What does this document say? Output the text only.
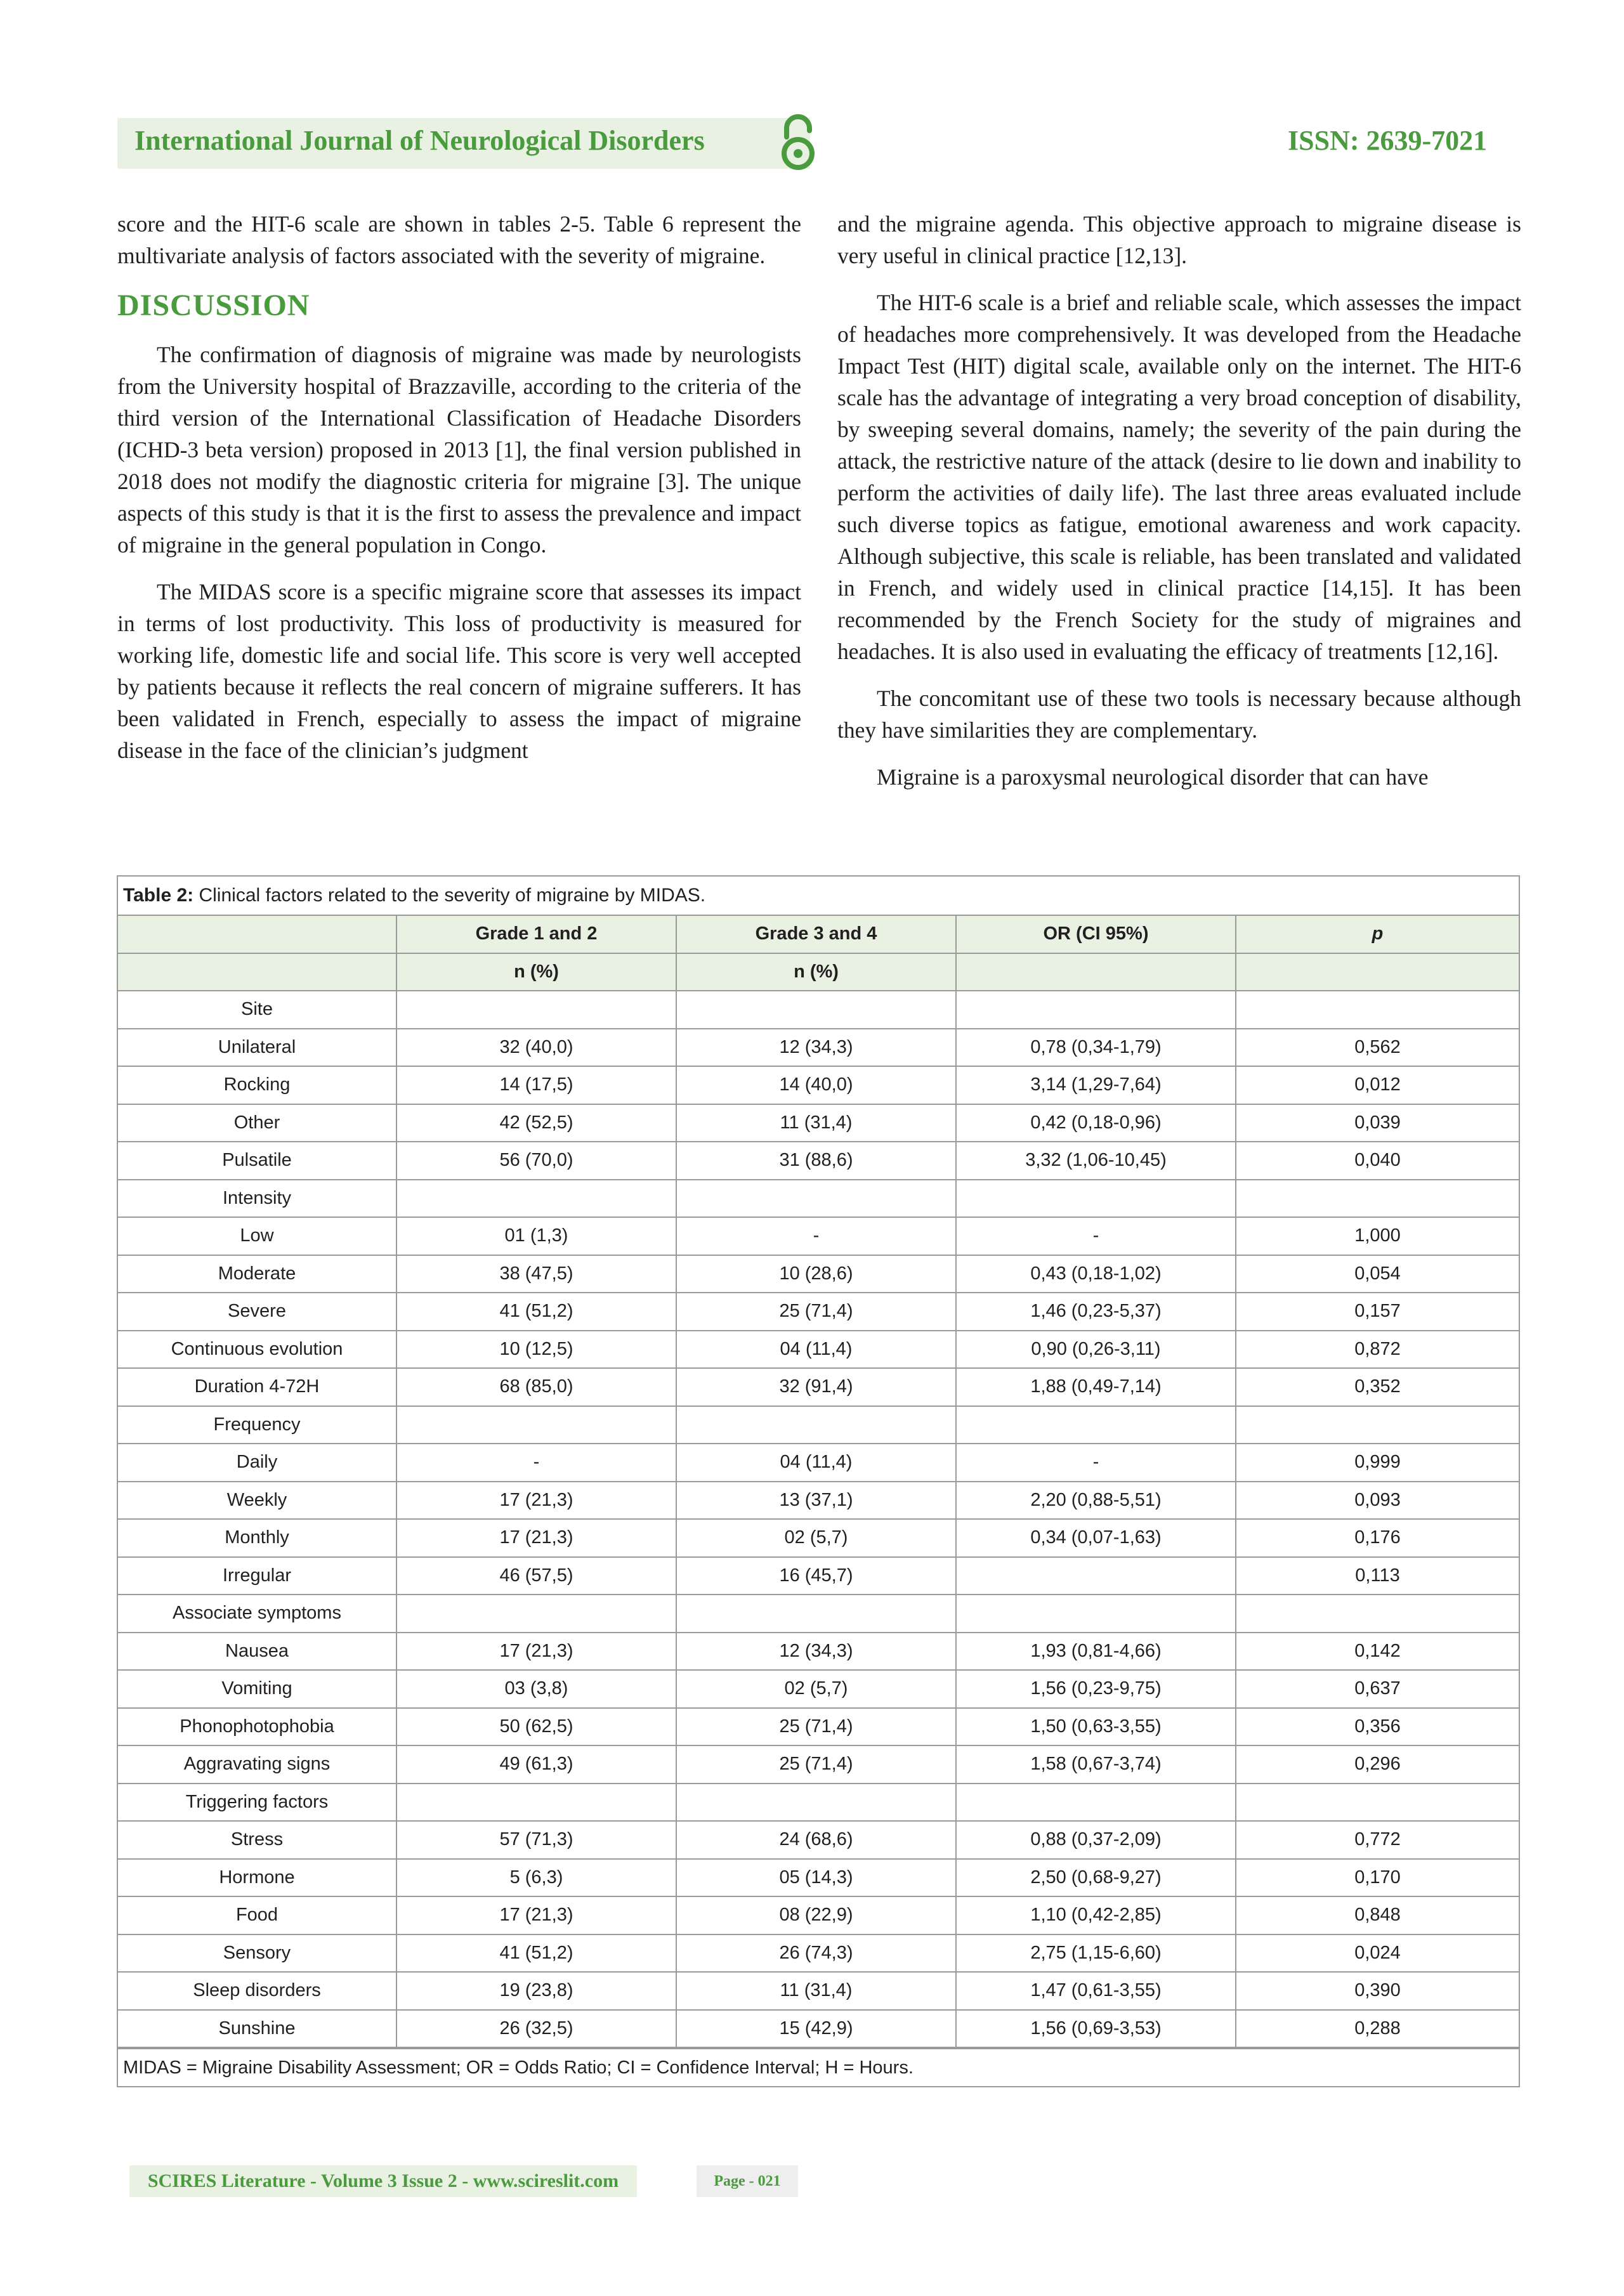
International Journal of Neurological Disorders	ISSN: 2639-7021

score and the HIT-6 scale are shown in tables 2-5. Table 6 represent the multivariate analysis of factors associated with the severity of migraine.

DISCUSSION

The confirmation of diagnosis of migraine was made by neurologists from the University hospital of Brazzaville, according to the criteria of the third version of the International Classification of Headache Disorders (ICHD-3 beta version) proposed in 2013 [1], the final version published in 2018 does not modify the diagnostic criteria for migraine [3]. The unique aspects of this study is that it is the first to assess the prevalence and impact of migraine in the general population in Congo.

The MIDAS score is a specific migraine score that assesses its impact in terms of lost productivity. This loss of productivity is measured for working life, domestic life and social life. This score is very well accepted by patients because it reflects the real concern of migraine sufferers. It has been validated in French, especially to assess the impact of migraine disease in the face of the clinician’s judgment

and the migraine agenda. This objective approach to migraine disease is very useful in clinical practice [12,13].

The HIT-6 scale is a brief and reliable scale, which assesses the impact of headaches more comprehensively. It was developed from the Headache Impact Test (HIT) digital scale, available only on the internet. The HIT-6 scale has the advantage of integrating a very broad conception of disability, by sweeping several domains, namely; the severity of the pain during the attack, the restrictive nature of the attack (desire to lie down and inability to perform the activities of daily life). The last three areas evaluated include such diverse topics as fatigue, emotional awareness and work capacity. Although subjective, this scale is reliable, has been translated and validated in French, and widely used in clinical practice [14,15]. It has been recommended by the French Society for the study of migraines and headaches. It is also used in evaluating the efficacy of treatments [12,16].

The concomitant use of these two tools is necessary because although they have similarities they are complementary.

Migraine is a paroxysmal neurological disorder that can have

Table 2: Clinical factors related to the severity of migraine by MIDAS.
	Grade 1 and 2	Grade 3 and 4	OR (CI 95%)	p
	n (%)	n (%)		
Site				
Unilateral	32 (40,0)	12 (34,3)	0,78 (0,34-1,79)	0,562
Rocking	14 (17,5)	14 (40,0)	3,14 (1,29-7,64)	0,012
Other	42 (52,5)	11 (31,4)	0,42 (0,18-0,96)	0,039
Pulsatile	56 (70,0)	31 (88,6)	3,32 (1,06-10,45)	0,040
Intensity				
Low	01 (1,3)	-	-	1,000
Moderate	38 (47,5)	10 (28,6)	0,43 (0,18-1,02)	0,054
Severe	41 (51,2)	25 (71,4)	1,46 (0,23-5,37)	0,157
Continuous evolution	10 (12,5)	04 (11,4)	0,90 (0,26-3,11)	0,872
Duration 4-72H	68 (85,0)	32 (91,4)	1,88 (0,49-7,14)	0,352
Frequency				
Daily	-	04 (11,4)	-	0,999
Weekly	17 (21,3)	13 (37,1)	2,20 (0,88-5,51)	0,093
Monthly	17 (21,3)	02 (5,7)	0,34 (0,07-1,63)	0,176
Irregular	46 (57,5)	16 (45,7)		0,113
Associate symptoms				
Nausea	17 (21,3)	12 (34,3)	1,93 (0,81-4,66)	0,142
Vomiting	03 (3,8)	02 (5,7)	1,56 (0,23-9,75)	0,637
Phonophotophobia	50 (62,5)	25 (71,4)	1,50 (0,63-3,55)	0,356
Aggravating signs	49 (61,3)	25 (71,4)	1,58 (0,67-3,74)	0,296
Triggering factors				
Stress	57 (71,3)	24 (68,6)	0,88 (0,37-2,09)	0,772
Hormone	5 (6,3)	05 (14,3)	2,50 (0,68-9,27)	0,170
Food	17 (21,3)	08 (22,9)	1,10 (0,42-2,85)	0,848
Sensory	41 (51,2)	26 (74,3)	2,75 (1,15-6,60)	0,024
Sleep disorders	19 (23,8)	11 (31,4)	1,47 (0,61-3,55)	0,390
Sunshine	26 (32,5)	15 (42,9)	1,56 (0,69-3,53)	0,288
MIDAS = Migraine Disability Assessment; OR = Odds Ratio; CI = Confidence Interval; H = Hours.
SCIRES Literature - Volume 3 Issue 2 - www.scireslit.com	Page - 021
